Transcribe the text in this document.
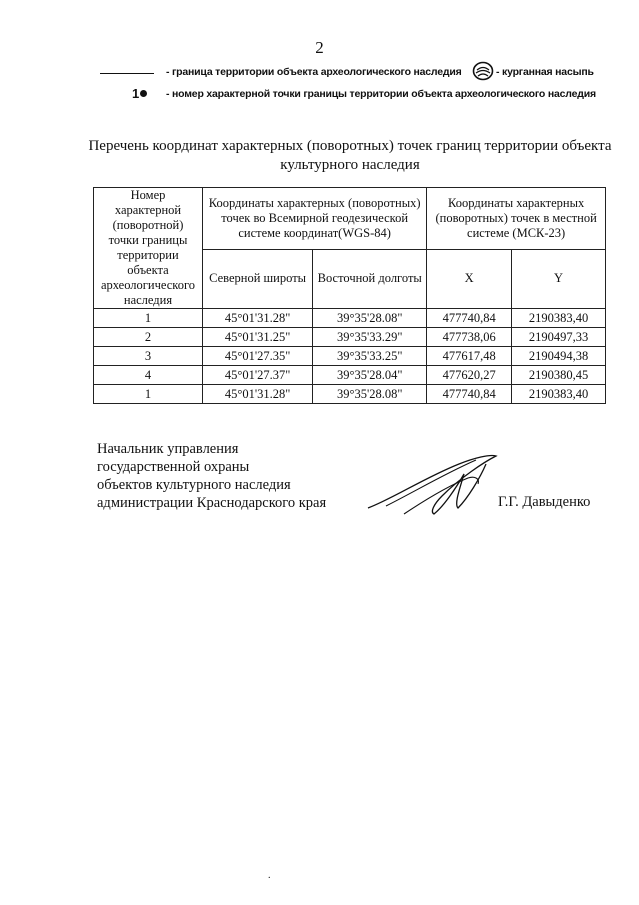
2
- граница территории объекта археологического наследия	- курганная насыпь
1	- номер характерной точки границы территории объекта археологического наследия
Перечень координат характерных (поворотных) точек границ территории объекта культурного наследия
Номер характерной (поворотной) точки границы территории объекта археологического наследия	Координаты характерных (поворотных) точек во Всемирной геодезической системе координат(WGS-84)		Координаты характерных (поворотных) точек в местной системе (МСК-23)	
	Северной широты	Восточной долготы	X	Y
1	45°01'31.28"	39°35'28.08"	477740,84	2190383,40
2	45°01'31.25"	39°35'33.29"	477738,06	2190497,33
3	45°01'27.35"	39°35'33.25"	477617,48	2190494,38
4	45°01'27.37"	39°35'28.04"	477620,27	2190380,45
1	45°01'31.28"	39°35'28.08"	477740,84	2190383,40
Начальник управления
государственной охраны
объектов культурного наследия
администрации Краснодарского края	Г.Г. Давыденко
.
